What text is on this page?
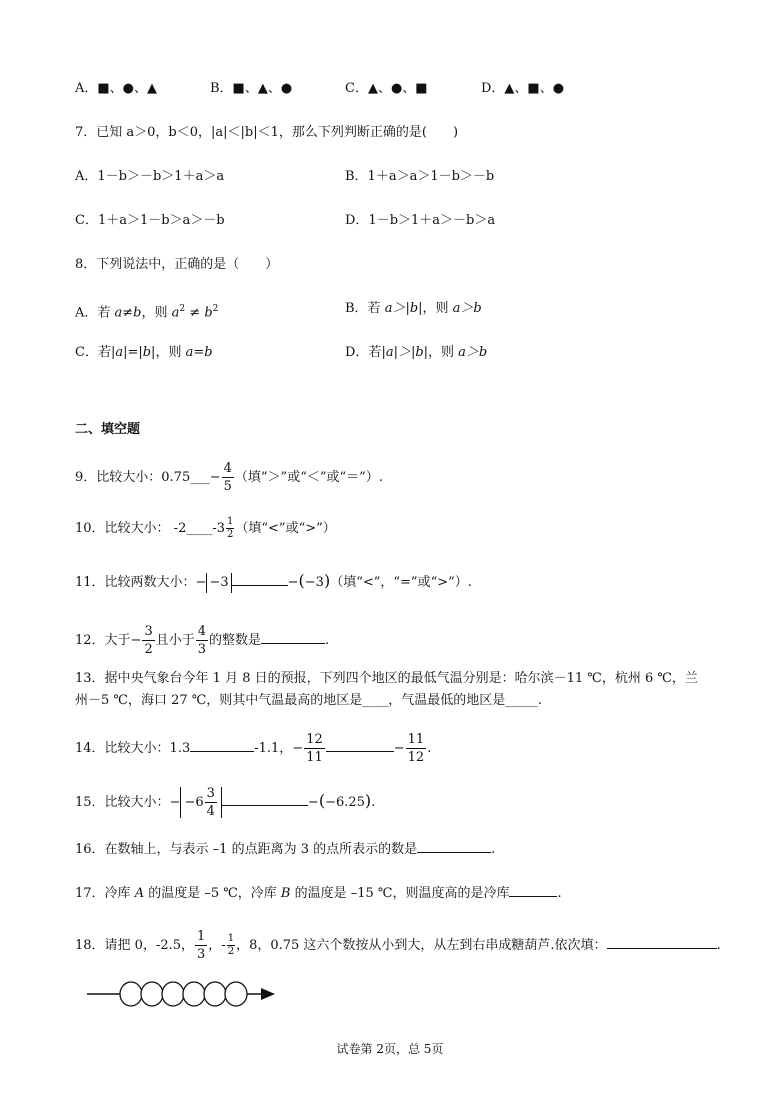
A．■、●、▲	B．■、▲、●	C．▲、●、■	D．▲、■、●
7．已知 a＞0，b＜0，|a|＜|b|＜1，那么下列判断正确的是(　　)
A．1－b＞－b＞1＋a＞a	B．1＋a＞a＞1－b＞－b
C．1＋a＞1－b＞a＞－b	D．1－b＞1＋a＞－b＞a
8．下列说法中，正确的是（　　）
A．若 a≠b，则 $a^2 \ne b^2$	B．若 a＞|b|，则 a＞b
C．若|a|=|b|，则 a=b	D．若|a|＞|b|，则 a＞b
二、填空题
9．比较大小：0.75___− $\frac{4}{5}$ （填“＞”或“＜”或“＝”）.
10．比较大小： -2____-3 $\frac{1}{2}$ （填“<”或“>”）
11．比较两数大小：− −3	−(−3)（填“<”，“=”或“>”）.
12．大于− $\frac{3}{2}$ 且小于 $\frac{4}{3}$ 的整数是	.
13．据中央气象台今年 1 月 8 日的预报，下列四个地区的最低气温分别是：哈尔滨－11 ℃，杭州 6 ℃，兰
州－5 ℃，海口 27 ℃，则其中气温最高的地区是____，气温最低的地区是_____.
14．比较大小：1.3	-1.1，− $\frac{12}{11}$	− $\frac{11}{12}$ .
15．比较大小：− $-6 \frac{3}{4}$	−(−6.25).
16．在数轴上，与表示 –1 的点距离为 3 的点所表示的数是	.
17．冷库 A 的温度是 –5 ℃，冷库 B 的温度是 –15 ℃，则温度高的是冷库	.
18．请把 0，-2.5， $\frac{1}{3}$ ，- $\frac{1}{2}$ ，8，0.75 这六个数按从小到大，从左到右串成糖葫芦.依次填：	.
试卷第 2页，总 5页
